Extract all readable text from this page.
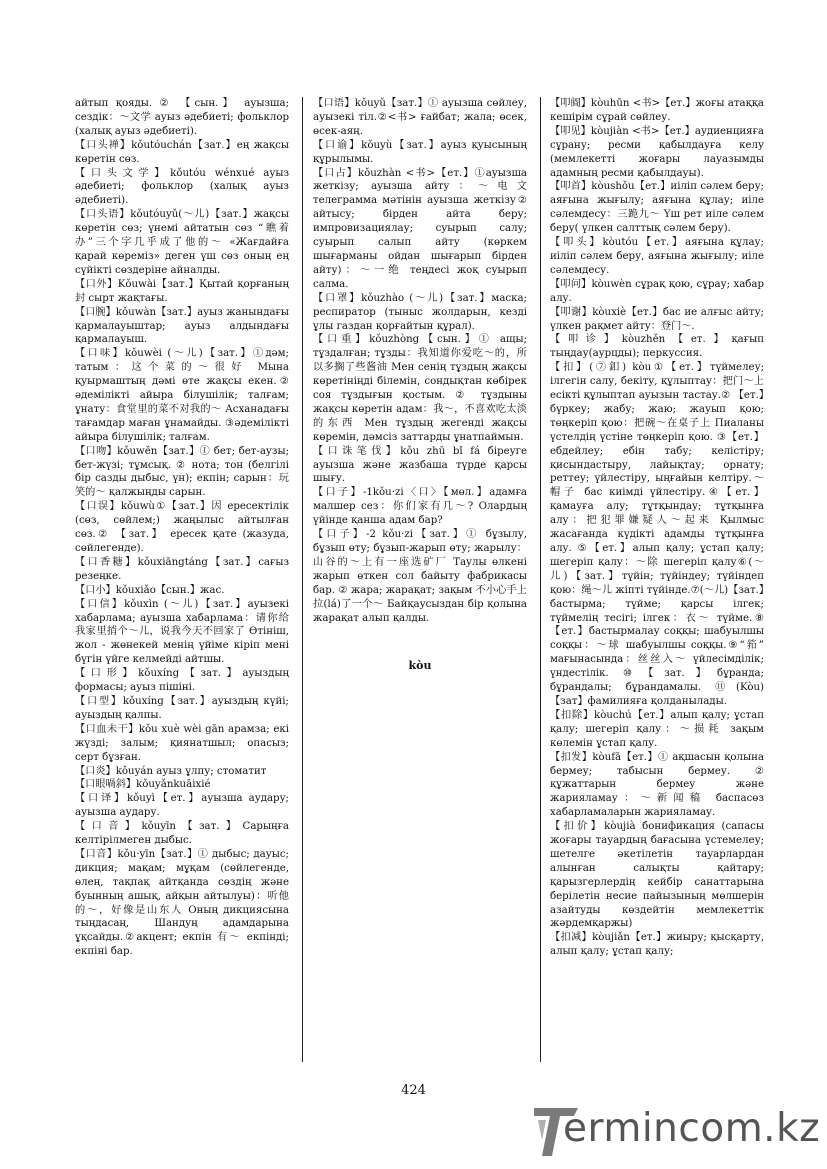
айтып қояды. ② 【сын.】 ауызша; сездік：～文学 ауыз әдебиеті; фольклор (халық ауыз әдебиеті).

【口头禅】kǒutóuchán【зат.】ең жақсы көретін сөз.

【口头文学】kǒutóu wénxué ауыз әдебиеті; фольклор (халық ауыз әдебиеті).

【口头语】kǒutóuyǔ(～儿)【зат.】жақсы көретін сөз; үнемі айтатын сөз “瞧着办”三个字几乎成了他的～ «Жағдайға қарай көреміз» деген үш сөз оның ең сүйікті сөздеріне айналды.

【口外】Kǒuwài【зат.】Қытай қорғаның 封 сырт жақтағы.

【口腕】kǒuwàn【зат.】ауыз жанындағы қармалауыштар; ауыз алдындағы қармалауыш.

【口味】kǒuwèi (～儿)【зат.】①дәм; татым：这个菜的～很好 Мына қуырмаштың дәмі өте жақсы екен.② әдемілікті айыра білушілік; талғам; ұнату：食堂里的菜不对我的～ Асханадағы тағамдар маған ұнамайды. ③әдемілікті айыра білушілік; талғам.

【口吻】kǒuwěn【зат.】① бет; бет-аузы; бет-жүзі; тұмсық. ② нота; тон (белгілі бір сазды дыбыс, үн); екпін; сарын：玩笑的～ қалжыңды сарын.

【口误】kǒuwù①【зат.】因 ересектілік (сөз, сөйлем;) жаңылыс айтылған сөз.② 【зат.】 ересек қате (жазуда, сөйлегенде).

【口香糖】kǒuxiāngtáng【зат.】сағыз резеңке.

【口小】kǒuxiǎo【сын.】жас.

【口信】kǒuxìn (～儿)【зат.】ауызекі хабарлама; ауызша хабарлама：请你给我家里捎个～儿，说我今天不回家了 Өтініш, жол - жөнекей менің үйіме кіріп мені бүгін үйге келмейді айтшы.

【口形】kǒuxíng【зат.】ауыздың формасы; ауыз пішіні.

【口型】kǒuxíng【зат.】ауыздың күйі; ауыздың қалпы.

【口血未干】kǒu xuè wèi gān арамза; екі жүзді; залым; қиянатшыл; опасыз; серт бұзған.

【口炎】kǒuyán ауыз ұлпу; стоматит

【口眼喎斜】kǒuyǎnkuāixié

【口译】kǒuyì【ет.】ауызша аудару; ауызша аудару.

【口音】kǒuyīn【зат.】Сарыңға келтірілмеген дыбыс.

【口音】kǒu·yīn【зат.】① дыбыс; дауыс; дикция; мақам; мұқам (сөйлегенде, өлең, тақпақ айтқанда сөздің және буынның ашық, айқын айтылуы)：听他的～，好像是山东人 Оның дикциясына тыңдасаң, Шандуң адамдарына ұқсайды.②акцент; екпін 有～ екпінді; екпіні бар.

【口语】kǒuyǔ【зат.】① ауызша сөйлеу, ауызекі тіл.②<书> ғайбат; жала; өсек, өсек-аяң.

【口谕】kǒuyù【зат.】ауыз қуысының құрылымы.

【口占】kǒuzhàn <书>【ет.】①ауызша жеткізу; ауызша айту：～电文 телеграмма мәтінін ауызша жеткізу② айтысу; бірден айта беру; импровизациялау; суырып салу; суырып салып айту (көркем шығарманы ойдан шығарып бірден айту)：～一绝 теңдесі жоқ суырып салма.

【口罩】kǒuzhào (～儿)【зат.】маска; респиратор (тыныс жолдарын, кезді ұлы газдан қорғайтын құрал).

【口重】kǒuzhòng【сын.】① ащы; тұздалған; тұзды：我知道你爱吃～的，所以多搁了些酱油 Мен сенің тұздың жақсы көретініңді білемін, сондықтан көбірек соя тұздығын қостым. ② тұздыны жақсы көретін адам：我～，不喜欢吃太淡的东西 Мен тұздың жегенді жақсы көремін, дәмсіз заттарды ұнатпаймын.

【口诛笔伐】kǒu zhū bǐ fá біреуге ауызша және жазбаша түрде қарсы шығу.

【口子】-1kǒu·zi〈口〉【мөл.】адамға малшер сез：你们家有几～? Олардың үйінде қанша адам бар?

【口子】-2 kǒu·zi【зат.】① бұзылу, бұзып өту; бұзып-жарып өту; жарылу：山谷的～上有一座选矿厂 Таулы өлкені жарып өткен сол байыту фабрикасы бар. ② жара; жарақат; зақым 不小心手上拉(lá)了一个～ Байқаусыздан бір қолына жарақат алып қалды.

kòu

【叩阍】kòuhūn <书>【ет.】жоғы атаққа кешірім сұрай сөйлеу.

【叩见】kòujiàn <书>【ет.】аудиенцияға сұрану; ресми қабылдауға келу (мемлекетті жоғары лауазымды адамның ресми қабылдауы).

【叩首】kòushǒu【ет.】иіліп сәлем беру; аяғына жығылу; аяғына құлау; иіле сәлемдесу：三跪九～ Үш рет иіле сәлем беру( үлкен салттық сәлем беру).

【叩头】kòutóu【ет.】аяғына құлау; иіліп сәлем беру, аяғына жығылу; иіле сәлемдесу.

【叩问】kòuwèn сұрақ қою, сұрау; хабар алу.

【叩谢】kòuxiè【ет.】бас ие алғыс айту; үлкен рақмет айту：登门～.

【叩诊】kòuzhěn【ет.】қағып тыңдау(аурцды); перкуссия.

【扣】(⑦釦) kòu①【ет.】түймелеу; ілгегін салу, бекіту, құлыптау：把门～上 есікті құлыптап ауызын тастау.② 【ет.】бүркеу; жабу; жаю; жауып қою; төңкеріп қою：把碗～在桌子上 Пиаланы үстелдің үстіне төңкеріп қою. ③【ет.】ебдейлеу; ебін табу; келістіру; қисындастыру, лайықтау; орнату; реттеу; үйлестіру, ыңғайын келтіру.～帽子 бас киімді үйлестіру.④【ет.】қамауға алу; тұтқындау; тұтқынға алу：把犯罪嫌疑人～起来 Қылмыс жасағанда күдікті адамды тұтқынға алу. ⑤【ет.】алып қалу; ұстап қалу; шегеріп қалу：～除 шегеріп қалу⑥(～儿)【зат.】түйін; түйіндеу; түйіндеп қою：绳～儿 жіпті түйінде.⑦(～儿)【зат.】бастырма; түйме; қарсы ілгек; түймелің тесігі; ілгек：衣～ түйме.⑧【ет.】бастырмалау соққы; шабуылшы соққы：～球 шабуылшы соққы.⑨“筘” мағынасында：丝丝入～ үйлесімділік; үндестілік. ⑩【зат.】бұранда; бұрандалы; бұрандамалы. ⑪(Kòu)【зат】фамилияға қолданылады.

【扣除】kòuchú【ет.】алып қалу; ұстап қалу; шегеріп қалу：～损耗 зақым көлемін ұстап қалу.

【扣发】kòufā【ет.】① ақшасын қолына бермеу; табысын бермеу. ② құжаттарын бермеу және жарияламау：～新闻稿 баспасөз хабарламаларын жарияламау.

【扣价】kòujià бонификация (сапасы жоғары тауардың бағасына үстемелеу; шетелге әкетілетін тауарлардан алынған салықты қайтару; қарызгерлердің кейбір санаттарына берілетін несие пайызының мөлшерін азайтуды көздейтін мемлекеттік жәрдемқаржы)

【扣减】kòujiǎn【ет.】жиыру; қысқарту, алып қалу; ұстап қалу;

424
ermincom.kz
